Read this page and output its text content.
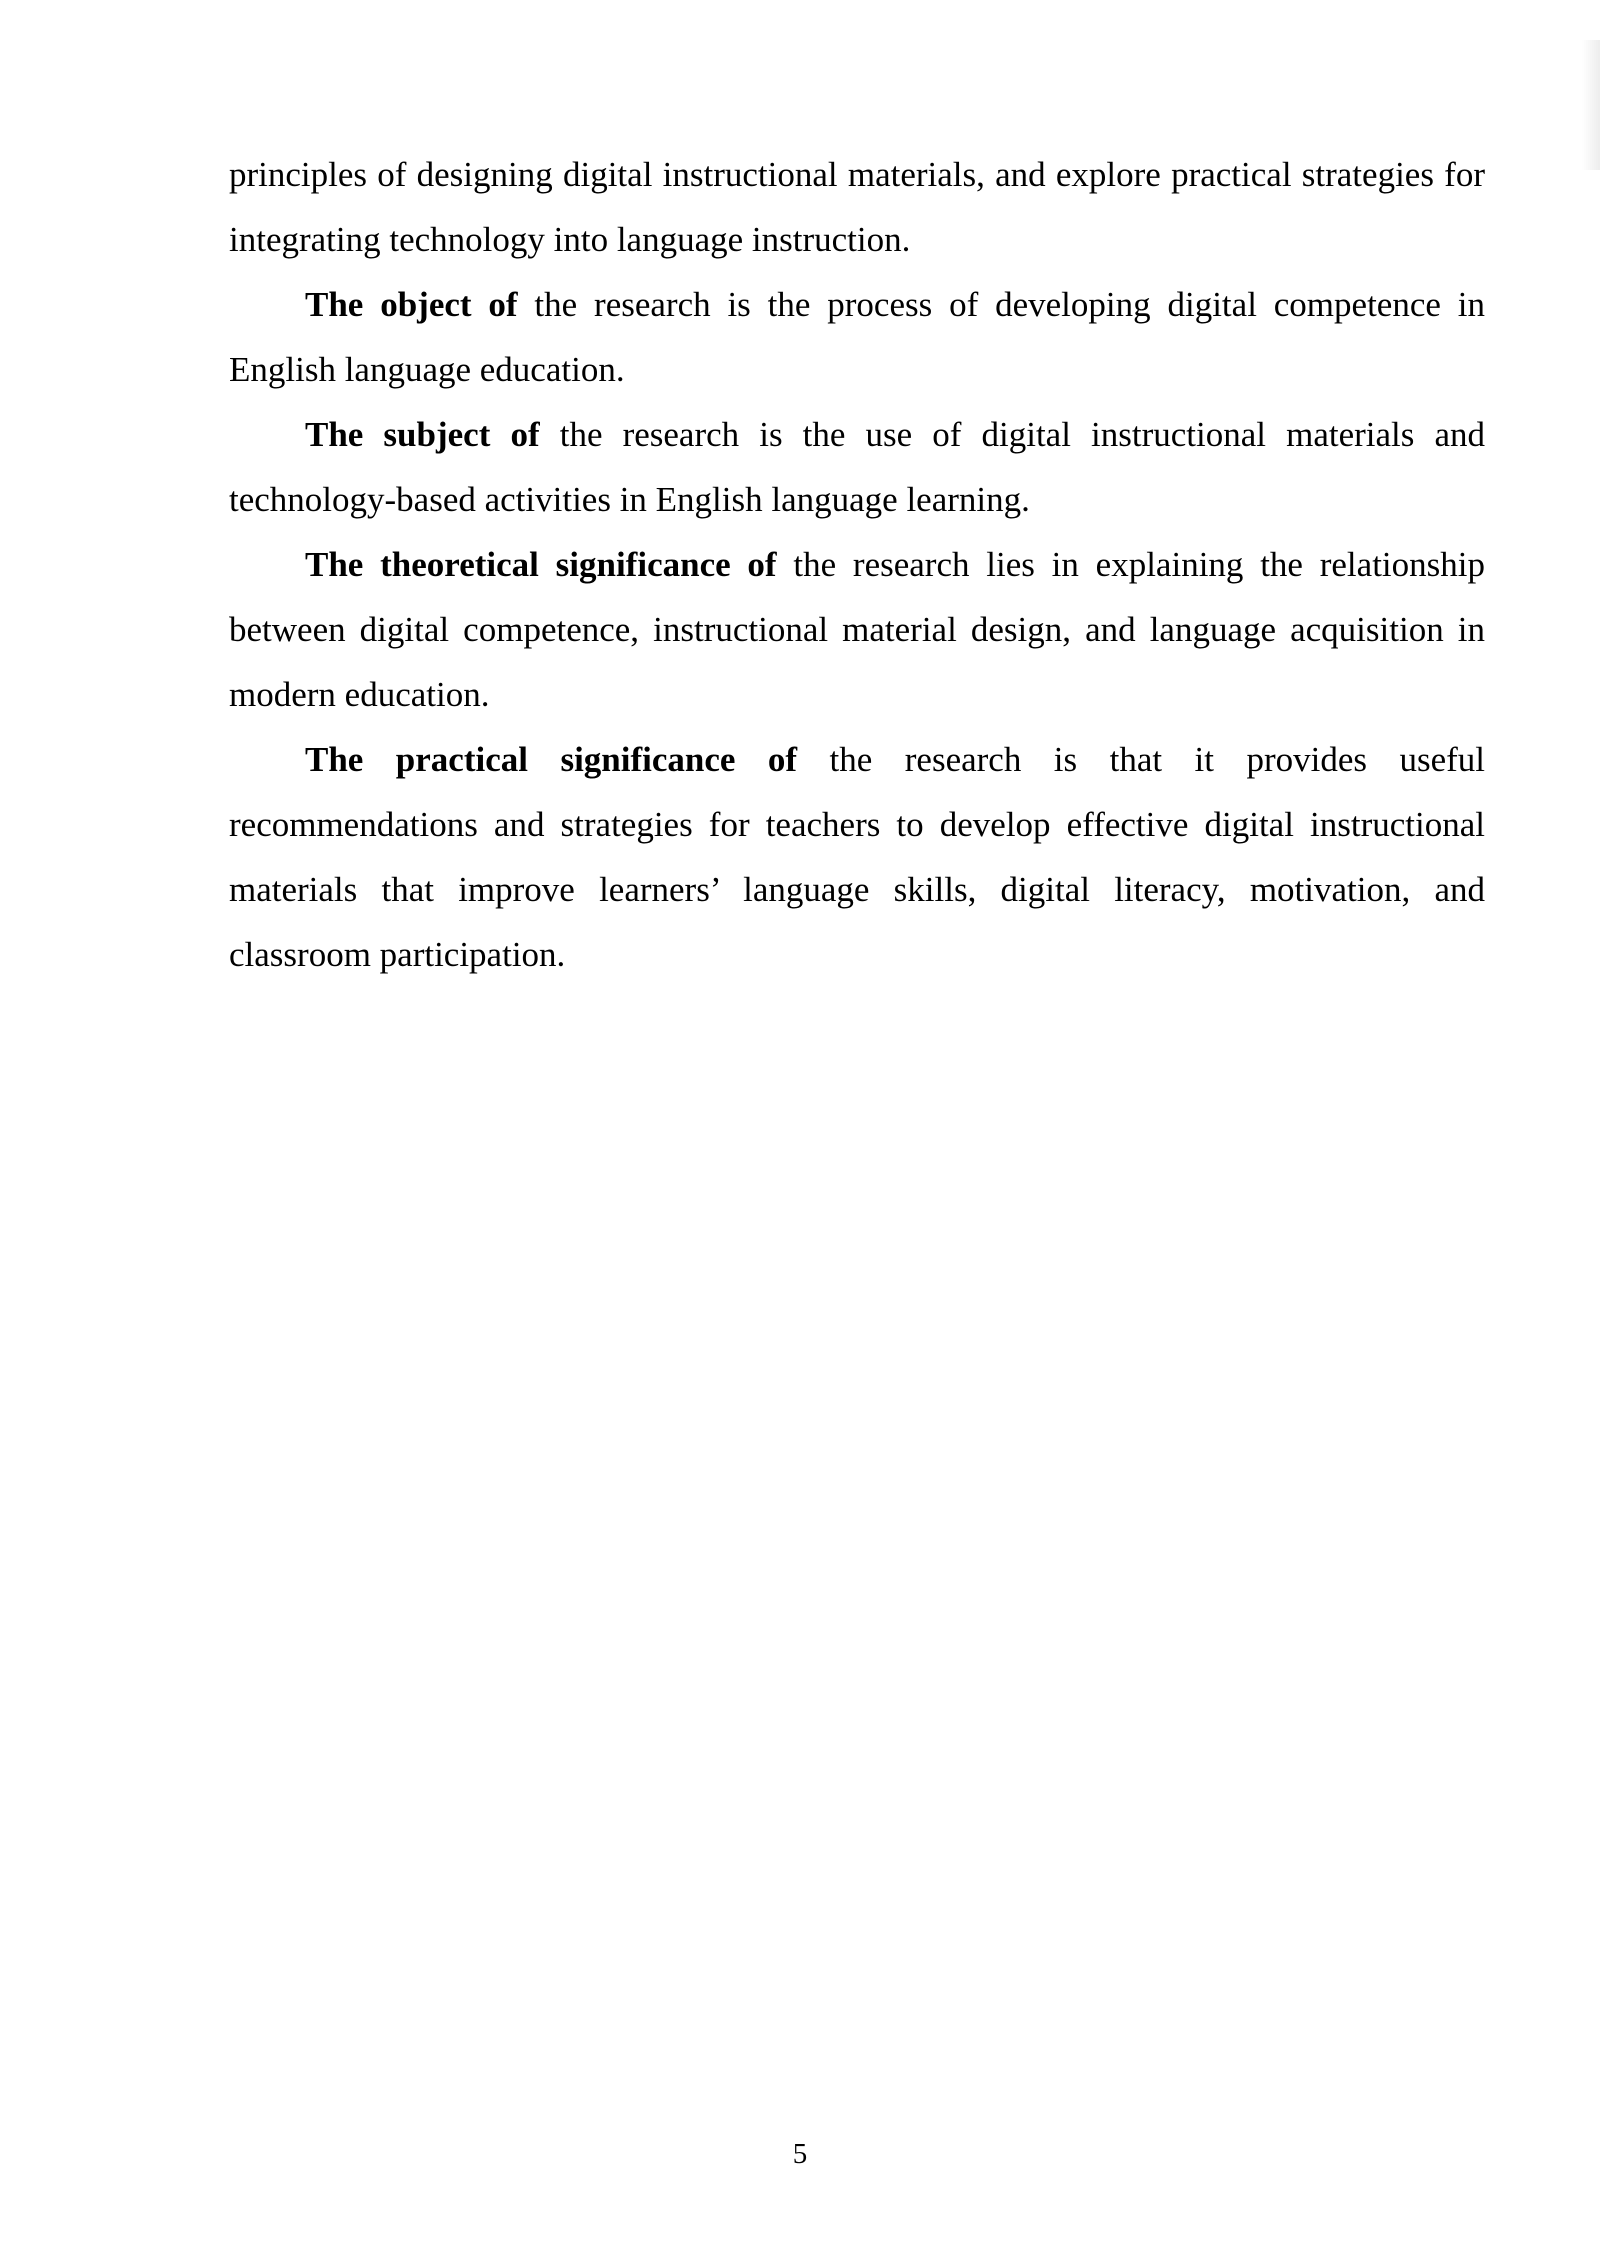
principles of designing digital instructional materials, and explore practical strategies for integrating technology into language instruction.

The object of the research is the process of developing digital competence in English language education.

The subject of the research is the use of digital instructional materials and technology-based activities in English language learning.

The theoretical significance of the research lies in explaining the relationship between digital competence, instructional material design, and language acquisition in modern education.

The practical significance of the research is that it provides useful recommendations and strategies for teachers to develop effective digital instructional materials that improve learners’ language skills, digital literacy, motivation, and classroom participation.

5
